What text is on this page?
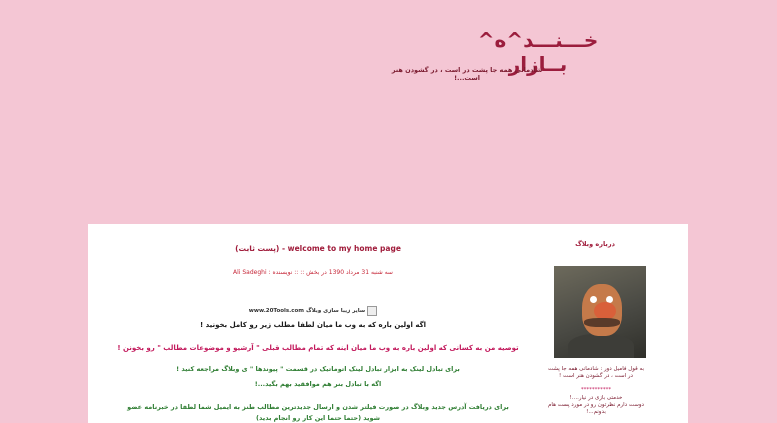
خـــنـــد^ه^ بــازار
شادمانی همه جا پشت در است ، در گشودن هنر است...!
(پست ثابت) - welcome to my home page
سه شنبه 31 مرداد 1390 در بخش :: :: نویسنده : Ali Sadeghi
www.20Tools.com سایر زیبا سازی وبلاگ
اگه اولین باره که به وب ما میان لطفا مطلب زیر رو کامل بخونید !
توصیه من به کسانی که اولین باره به وب ما میان اینه که تمام مطالب قبلی " آرشیو و موضوعات مطالب " رو بخونن !
برای تبادل لینک به ابزار تبادل لینک اتوماتیک در قسمت " پیوندها " ی وبلاگ مراجعه کنید !
اگه با تبادل بنر هم موافقید بهم بگید...!
برای دریافت آدرس جدید وبلاگ در صورت فیلتر شدن و ارسال جدیدترین مطالب طنز به ایمیل شما لطفا در خبرنامه عضو
شوید (حتما حتما این کار رو انجام بدید)
درباره وبلاگ
به قول فامیل دور : شادمانی همه جا پشت در است ، در گشودن هنر است !
***********
خدمتی بازی در نیار....!
دوست دارم نظرتون رو در مورد پست هام بدونم...!
